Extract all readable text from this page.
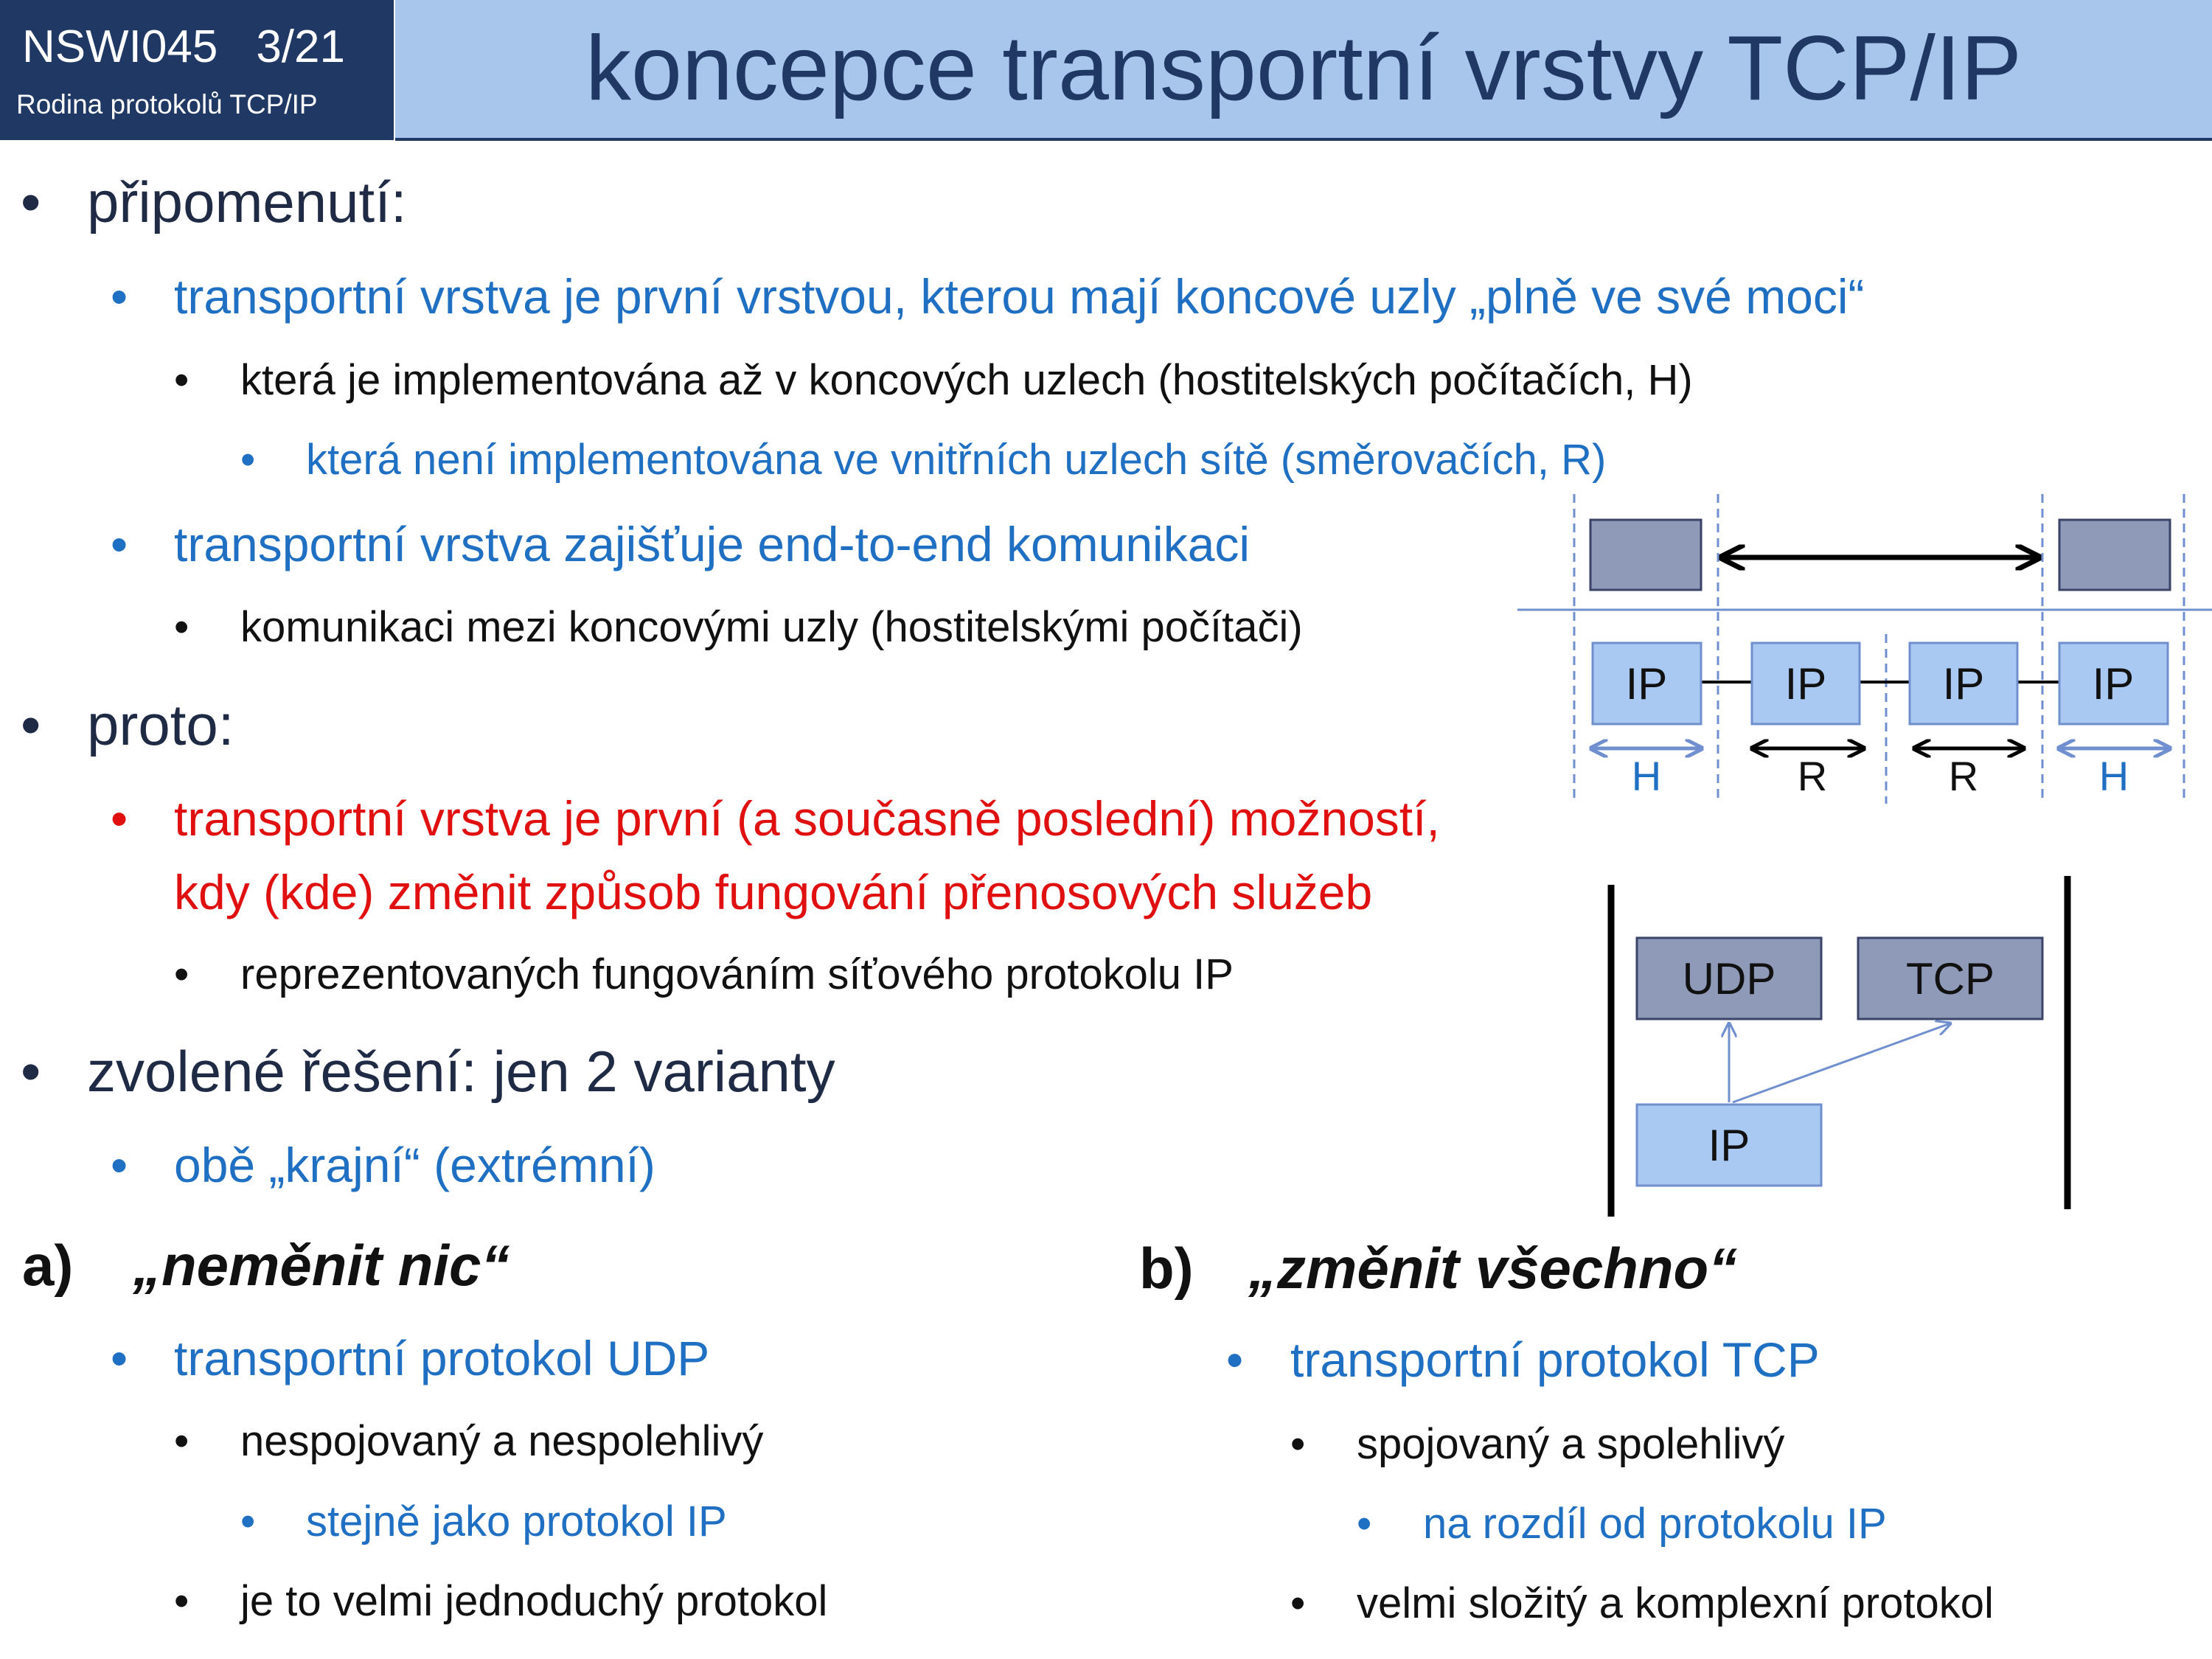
NSWI045 3/21
Rodina protokolů TCP/IP	koncepce transportní vrstvy TCP/IP
• připomenutí:
• transportní vrstva je první vrstvou, kterou mají koncové uzly „plně ve své moci“
• která je implementována až v koncových uzlech (hostitelských počítačích, H)
• která není implementována ve vnitřních uzlech sítě (směrovačích, R)
• transportní vrstva zajišťuje end-to-end komunikaci
• komunikaci mezi koncovými uzly (hostitelskými počítači)
• proto:
• transportní vrstva je první (a současně poslední) možností,
kdy (kde) změnit způsob fungování přenosových služeb
• reprezentovaných fungováním síťového protokolu IP
• zvolené řešení: jen 2 varianty
• obě „krajní“ (extrémní)
a) „neměnit nic“
• transportní protokol UDP
• nespojovaný a nespolehlivý
• stejně jako protokol IP
• je to velmi jednoduchý protokol
b) „změnit všechno“
• transportní protokol TCP
• spojovaný a spolehlivý
• na rozdíl od protokolu IP
• velmi složitý a komplexní protokol
IP
H
IP
R
IP
R
IP
H
UDP	TCP
IP
